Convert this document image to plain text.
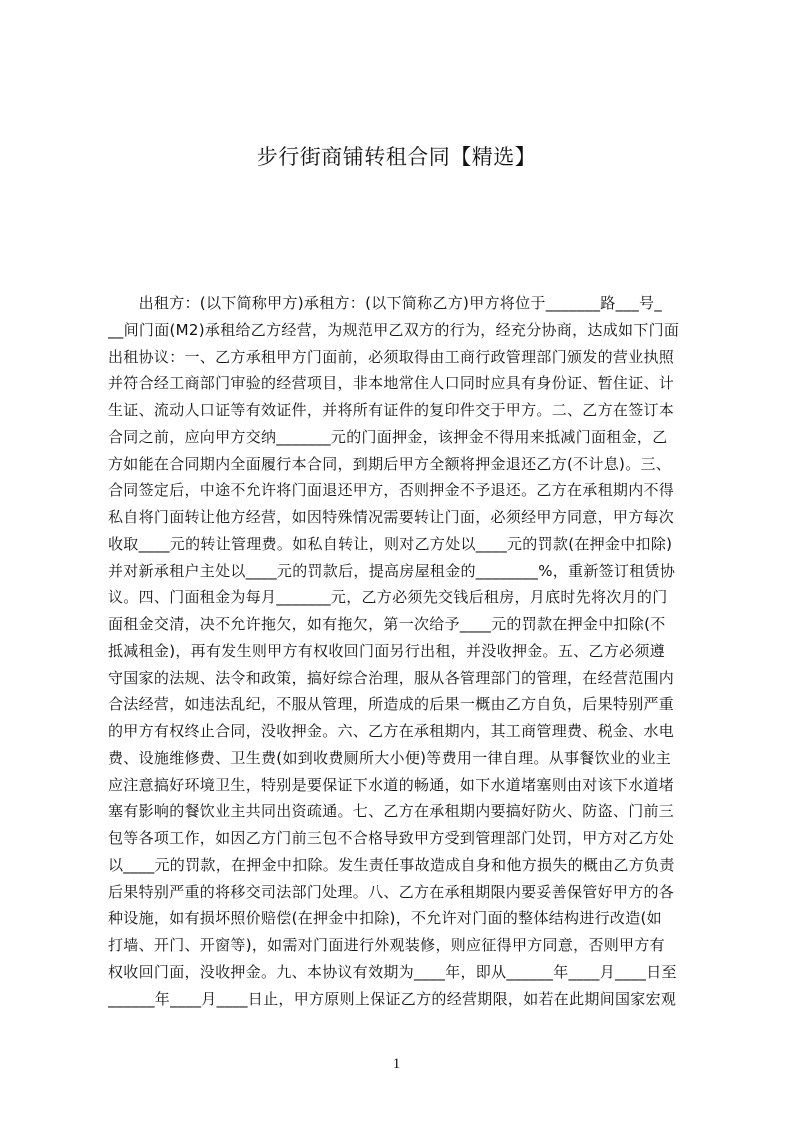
步行街商铺转租合同【精选】
　　出租方：(以下简称甲方)承租方：(以下简称乙方)甲方将位于_______路___号_
__间门面(M2)承租给乙方经营，为规范甲乙双方的行为，经充分协商，达成如下门面
出租协议：一、乙方承租甲方门面前，必须取得由工商行政管理部门颁发的营业执照
并符合经工商部门审验的经营项目，非本地常住人口同时应具有身份证、暂住证、计
生证、流动人口证等有效证件，并将所有证件的复印件交于甲方。二、乙方在签订本
合同之前，应向甲方交纳_______元的门面押金，该押金不得用来抵减门面租金，乙
方如能在合同期内全面履行本合同，到期后甲方全额将押金退还乙方(不计息)。三、
合同签定后，中途不允许将门面退还甲方，否则押金不予退还。乙方在承租期内不得
私自将门面转让他方经营，如因特殊情况需要转让门面，必须经甲方同意，甲方每次
收取____元的转让管理费。如私自转让，则对乙方处以____元的罚款(在押金中扣除)
并对新承租户主处以____元的罚款后，提高房屋租金的________%，重新签订租赁协
议。四、门面租金为每月_______元，乙方必须先交钱后租房，月底时先将次月的门
面租金交清，决不允许拖欠，如有拖欠，第一次给予____元的罚款在押金中扣除(不
抵减租金)，再有发生则甲方有权收回门面另行出租，并没收押金。五、乙方必须遵
守国家的法规、法令和政策，搞好综合治理，服从各管理部门的管理，在经营范围内
合法经营，如违法乱纪，不服从管理，所造成的后果一概由乙方自负，后果特别严重
的甲方有权终止合同，没收押金。六、乙方在承租期内，其工商管理费、税金、水电
费、设施维修费、卫生费(如到收费厕所大小便)等费用一律自理。从事餐饮业的业主
应注意搞好环境卫生，特别是要保证下水道的畅通，如下水道堵塞则由对该下水道堵
塞有影响的餐饮业主共同出资疏通。七、乙方在承租期内要搞好防火、防盗、门前三
包等各项工作，如因乙方门前三包不合格导致甲方受到管理部门处罚，甲方对乙方处
以____元的罚款，在押金中扣除。发生责任事故造成自身和他方损失的概由乙方负责
后果特别严重的将移交司法部门处理。八、乙方在承租期限内要妥善保管好甲方的各
种设施，如有损坏照价赔偿(在押金中扣除)，不允许对门面的整体结构进行改造(如
打墙、开门、开窗等)，如需对门面进行外观装修，则应征得甲方同意，否则甲方有
权收回门面，没收押金。九、本协议有效期为____年，即从______年____月____日至
______年____月____日止，甲方原则上保证乙方的经营期限，如若在此期间国家宏观
1
